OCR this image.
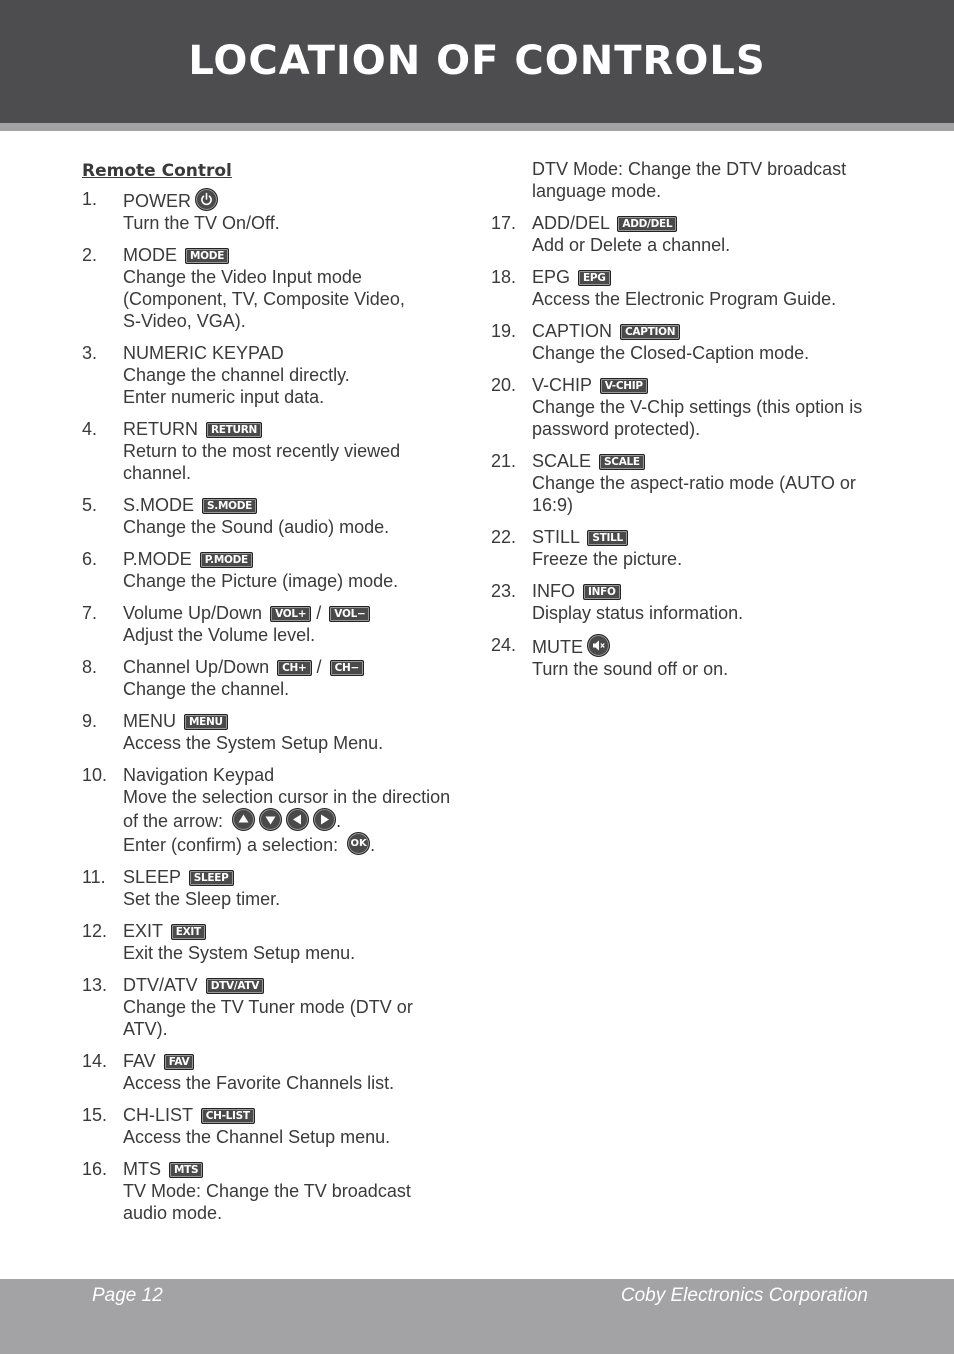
LOCATION OF CONTROLS
Remote Control
1. POWER
Turn the TV On/Off.
2. MODE MODE
Change the Video Input mode
(Component, TV, Composite Video,
S-Video, VGA).
3. NUMERIC KEYPAD
Change the channel directly.
Enter numeric input data.
4. RETURN RETURN
Return to the most recently viewed
channel.
5. S.MODE S.MODE
Change the Sound (audio) mode.
6. P.MODE P.MODE
Change the Picture (image) mode.
7. Volume Up/Down VOL+ / VOL−
Adjust the Volume level.
8. Channel Up/Down CH+ / CH−
Change the channel.
9. MENU MENU
Access the System Setup Menu.
10. Navigation Keypad
Move the selection cursor in the direction
of the arrow:	.
Enter (confirm) a selection: OK .
11. SLEEP SLEEP
Set the Sleep timer.
12. EXIT EXIT
Exit the System Setup menu.
13. DTV/ATV DTV/ATV
Change the TV Tuner mode (DTV or
ATV).
14. FAV FAV
Access the Favorite Channels list.
15. CH-LIST CH-LIST
Access the Channel Setup menu.
16. MTS MTS
TV Mode: Change the TV broadcast
audio mode.
DTV Mode: Change the DTV broadcast
language mode.
17. ADD/DEL ADD/DEL
Add or Delete a channel.
18. EPG EPG
Access the Electronic Program Guide.
19. CAPTION CAPTION
Change the Closed-Caption mode.
20. V-CHIP V-CHIP
Change the V-Chip settings (this option is
password protected).
21. SCALE SCALE
Change the aspect-ratio mode (AUTO or
16:9)
22. STILL STILL
Freeze the picture.
23. INFO INFO
Display status information.
24. MUTE
Turn the sound off or on.
Page 12	Coby Electronics Corporation
